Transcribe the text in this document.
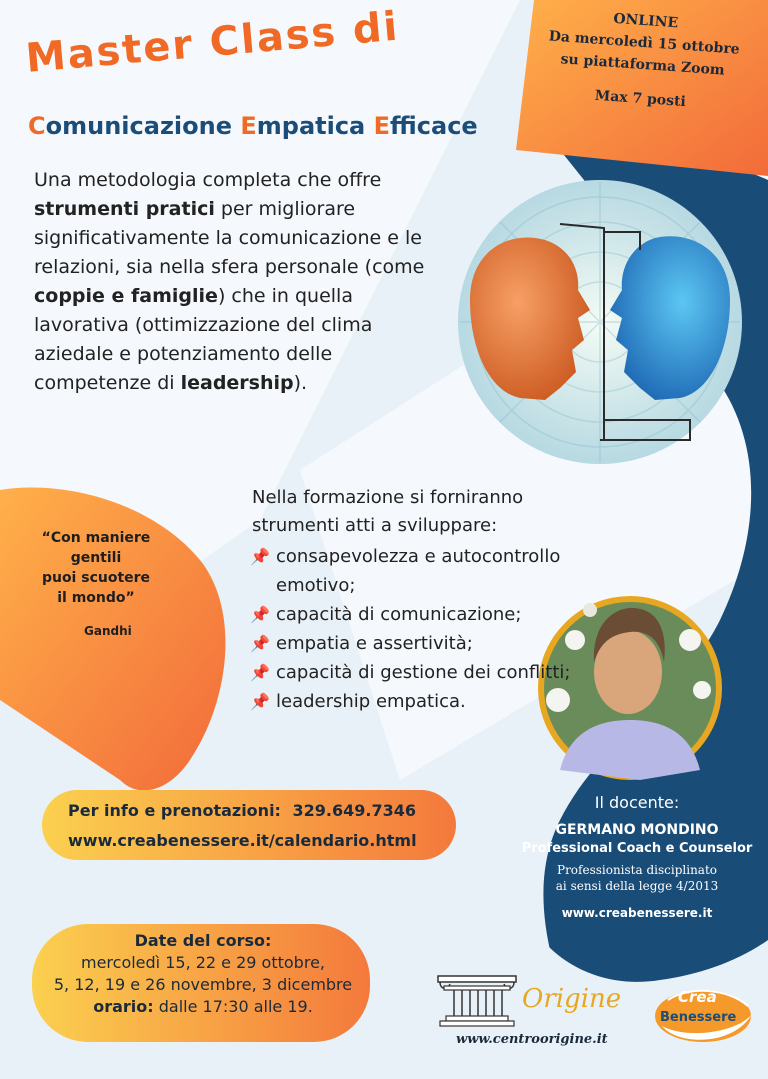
Master Class di
Comunicazione Empatica Efficace
ONLINE
Da mercoledì 15 ottobre
su piattaforma Zoom
Max 7 posti
Una metodologia completa che offre strumenti pratici per migliorare significativamente la comunicazione e le relazioni, sia nella sfera personale (come coppie e famiglie) che in quella lavorativa (ottimizzazione del clima aziedale e potenziamento delle competenze di leadership).
“Con maniere
gentili
puoi scuotere
il mondo”
Gandhi
Nella formazione si forniranno
strumenti atti a sviluppare:
📌 consapevolezza e autocontrollo emotivo;
📌 capacità di comunicazione;
📌 empatia e assertività;
📌 capacità di gestione dei conflitti;
📌 leadership empatica.
Per info e prenotazioni: 329.649.7346
www.creabenessere.it/calendario.html
Date del corso:
mercoledì 15, 22 e 29 ottobre,
5, 12, 19 e 26 novembre, 3 dicembre
orario: dalle 17:30 alle 19.
Il docente:
GERMANO MONDINO
Professional Coach e Counselor
Professionista disciplinato
ai sensi della legge 4/2013
www.creabenessere.it
Origine
www.centroorigine.it
Crea
Benessere
